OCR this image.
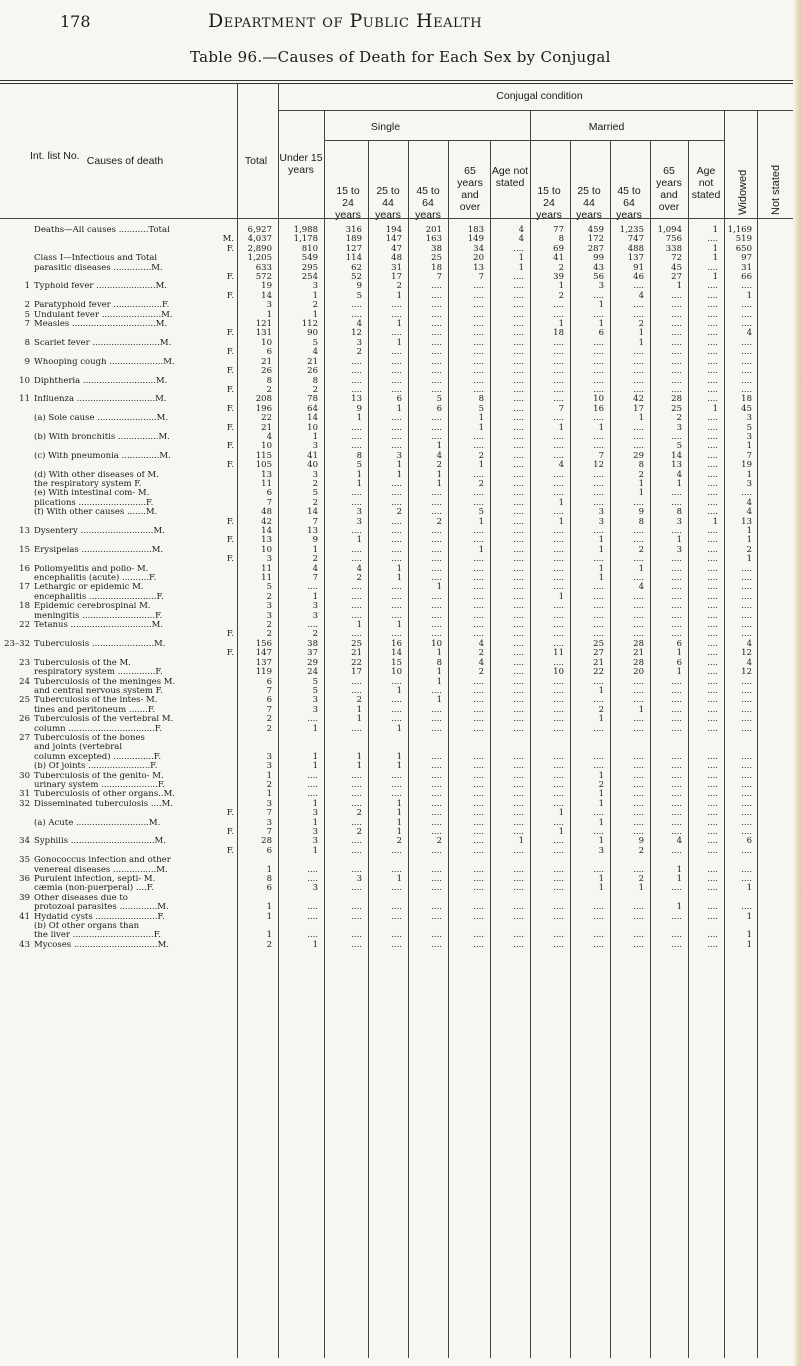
178	Department of Public Health
Table 96.—Causes of Death for Each Sex by Conjugal
Int. list No. Causes of death	Total
Conjugal condition
Single	Married
Under 15 years
15 to 24 years
25 to 44 years
45 to 64 years
65 years and over
Age not stated
15 to 24 years
25 to 44 years
45 to 64 years
65 years and over
Age not stated	Widowed Not stated
Deaths—All causes ...........Total	6,927	1,988	316	194	201	183	4	77	459	1,235	1,094	1	1,169
M.	4,037	1,178	189	147	163	149	4	8	172	747	756	....	519
F.	2,890	810	127	47	38	34	....	69	287	488	338	1	650
Class I—Infectious and Total	1,205	549	114	48	25	20	1	41	99	137	72	1	97
parasitic diseases ..............M.	633	295	62	31	18	13	1	2	43	91	45	....	31
F.	572	254	52	17	7	7	....	39	56	46	27	1	66
1 Typhoid fever ......................M.	19	3	9	2	....	....	....	1	3	....	1	....	....
F.	14	1	5	1	....	....	....	2	....	4	....	....	1
2 Paratyphoid fever ..................F.	3	2	....	....	....	....	....	....	1	....	....	....	....
5 Undulant fever ......................M.	1	1	....	....	....	....	....	....	....	....	....	....	....
7 Measles ...............................M.	121	112	4	1	....	....	....	1	1	2	....	....	....
F.	131	90	12	....	....	....	....	18	6	1	....	....	4
8 Scarlet fever .........................M.	10	5	3	1	....	....	....	....	....	1	....	....	....
F.	6	4	2	....	....	....	....	....	....	....	....	....	....
9 Whooping cough ....................M.	21	21	....	....	....	....	....	....	....	....	....	....	....
F.	26	26	....	....	....	....	....	....	....	....	....	....	....
10 Diphtheria ...........................M.	8	8	....	....	....	....	....	....	....	....	....	....	....
F.	2	2	....	....	....	....	....	....	....	....	....	....	....
11 Influenza .............................M.	208	78	13	6	5	8	....	....	10	42	28	....	18
F.	196	64	9	1	6	5	....	7	16	17	25	1	45
(a) Sole cause ......................M.	22	14	1	....	....	1	....	....	....	1	2	....	3
F.	21	10	....	....	....	1	....	1	1	....	3	....	5
(b) With bronchitis ...............M.	4	1	....	....	....	....	....	....	....	....	....	....	3
F.	10	3	....	....	1	....	....	....	....	....	5	....	1
(c) With pneumonia ..............M.	115	41	8	3	4	2	....	....	7	29	14	....	7
F.	105	40	5	1	2	1	....	4	12	8	13	....	19
(d) With other diseases of M.	13	3	1	1	1	....	....	....	....	2	4	....	1
the respiratory system F.	11	2	1	....	1	2	....	....	....	1	1	....	3
(e) With intestinal com- M.	6	5	....	....	....	....	....	....	....	1	....	....	....
plications .........................F.	7	2	....	....	....	....	....	1	....	....	....	....	4
(f) With other causes .......M.	48	14	3	2	....	5	....	....	3	9	8	....	4
F.	42	7	3	....	2	1	....	1	3	8	3	1	13
13 Dysentery ...........................M.	14	13	....	....	....	....	....	....	....	....	....	....	1
F.	13	9	1	....	....	....	....	....	1	....	1	....	1
15 Erysipelas ..........................M.	10	1	....	....	....	1	....	....	1	2	3	....	2
F.	3	2	....	....	....	....	....	....	....	....	....	....	1
16 Poliomyelitis and polio- M.	11	4	4	1	....	....	....	....	1	1	....	....	....
encephalitis (acute) ..........F.	11	7	2	1	....	....	....	....	1	....	....	....	....
17 Lethargic or epidemic M.	5	....	....	....	1	....	....	....	....	4	....	....	....
encephalitis .........................F.	2	1	....	....	....	....	....	1	....	....	....	....	....
18 Epidemic cerebrospinal M.	3	3	....	....	....	....	....	....	....	....	....	....	....
meningitis ...........................F.	3	3	....	....	....	....	....	....	....	....	....	....	....
22 Tetanus ..............................M.	2	....	1	1	....	....	....	....	....	....	....	....	....
F.	2	2	....	....	....	....	....	....	....	....	....	....	....
23–32 Tuberculosis .......................M.	156	38	25	16	10	4	....	....	25	28	6	....	4
F.	147	37	21	14	1	2	....	11	27	21	1	....	12
23 Tuberculosis of the M.	137	29	22	15	8	4	....	....	21	28	6	....	4
respiratory system ..............F.	119	24	17	10	1	2	....	10	22	20	1	....	12
24 Tuberculosis of the meninges M.	6	5	....	....	1	....	....	....	....	....	....	....	....
and central nervous system F.	7	5	....	1	....	....	....	....	1	....	....	....	....
25 Tuberculosis of the intes- M.	6	3	2	....	1	....	....	....	....	....	....	....	....
tines and peritoneum .......F.	7	3	1	....	....	....	....	....	2	1	....	....	....
26 Tuberculosis of the vertebral M.	2	....	1	....	....	....	....	....	1	....	....	....	....
column ................................F.	2	1	....	1	....	....	....	....	....	....	....	....	....
27 Tuberculosis of the bones
and joints (vertebral
column excepted) ...............F.	3	1	1	1	....	....	....	....	....	....	....	....	....
(b) Of joints .......................F.	3	1	1	1	....	....	....	....	....	....	....	....	....
30 Tuberculosis of the genito- M.	1	....	....	....	....	....	....	....	1	....	....	....	....
urinary system .....................F.	2	....	....	....	....	....	....	....	2	....	....	....	....
31 Tuberculosis of other organs..M.	1	....	....	....	....	....	....	....	1	....	....	....	....
32 Disseminated tuberculosis ....M.	3	1	....	1	....	....	....	....	1	....	....	....	....
F.	7	3	2	1	....	....	....	1	....	....	....	....	....
(a) Acute ...........................M.	3	1	....	1	....	....	....	....	1	....	....	....	....
F.	7	3	2	1	....	....	....	1	....	....	....	....	....
34 Syphilis ...............................M.	28	3	....	2	2	....	1	....	1	9	4	....	6
F.	6	1	....	....	....	....	....	....	3	2	....	....	....
35 Gonococcus infection and other
venereal diseases ................M.	1	....	....	....	....	....	....	....	....	....	1	....	....
36 Purulent infection, septi- M.	8	....	3	1	....	....	....	....	1	2	1	....	....
cæmia (non-puerperal) ....F.	6	3	....	....	....	....	....	....	1	1	....	....	1
39 Other diseases due to
protozoal parasites ..............M.	1	....	....	....	....	....	....	....	....	....	1	....	....
41 Hydatid cysts .......................F.	1	....	....	....	....	....	....	....	....	....	....	....	1
(b) Of other organs than
the liver ..............................F.	1	....	....	....	....	....	....	....	....	....	....	....	1
43 Mycoses ...............................M.	2	1	....	....	....	....	....	....	....	....	....	....	1
